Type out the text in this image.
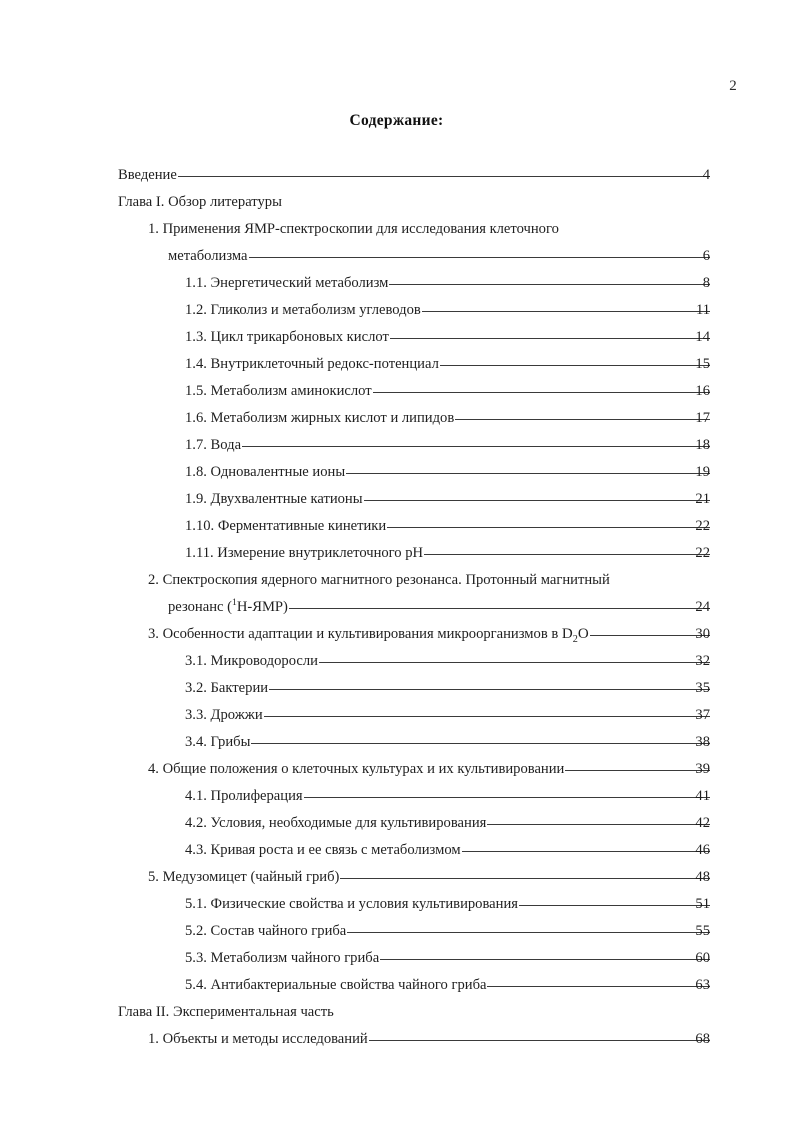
2
Содержание:
Введение	4
Глава I. Обзор литературы
1. Применения ЯМР-спектроскопии для исследования клеточного
метаболизма	6
1.1. Энергетический метаболизм	8
1.2. Гликолиз и метаболизм углеводов	11
1.3. Цикл трикарбоновых кислот	14
1.4. Внутриклеточный редокс-потенциал	15
1.5. Метаболизм аминокислот	16
1.6. Метаболизм жирных кислот и липидов	17
1.7. Вода	18
1.8. Одновалентные ионы	19
1.9. Двухвалентные катионы	21
1.10. Ферментативные кинетики	22
1.11. Измерение внутриклеточного pH	22
2. Спектроскопия ядерного магнитного резонанса. Протонный магнитный
резонанс ($^1$Н-ЯМР)	24
3. Особенности адаптации и культивирования микроорганизмов в $D_2O$	30
3.1. Микроводоросли	32
3.2. Бактерии	35
3.3. Дрожжи	37
3.4. Грибы	38
4. Общие положения о клеточных культурах и их культивировании	39
4.1. Пролиферация	41
4.2. Условия, необходимые для культивирования	42
4.3. Кривая роста и ее связь с метаболизмом	46
5. Медузомицет (чайный гриб)	48
5.1. Физические свойства и условия культивирования	51
5.2. Состав чайного гриба	55
5.3. Метаболизм чайного гриба	60
5.4. Антибактериальные свойства чайного гриба	63
Глава II. Экспериментальная часть
1. Объекты и методы исследований	68
